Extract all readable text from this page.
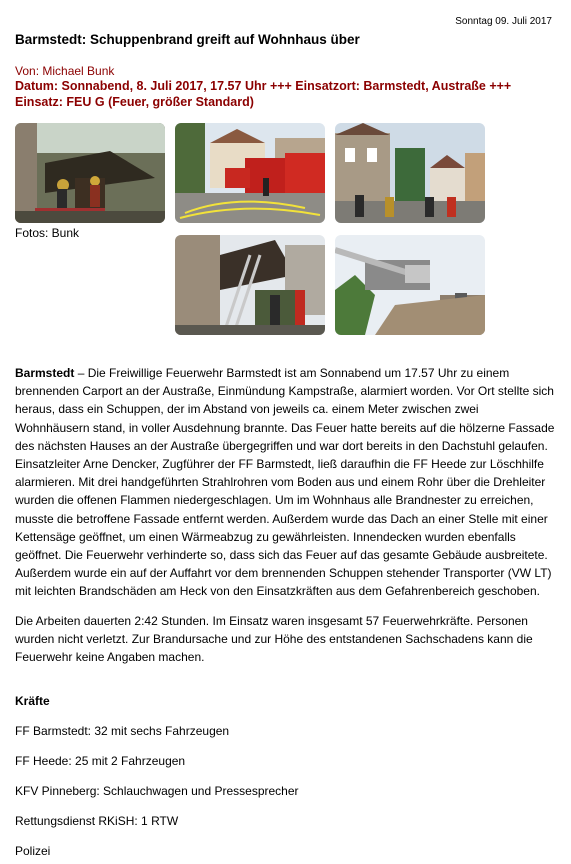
Sonntag 09. Juli 2017
Barmstedt: Schuppenbrand greift auf Wohnhaus über
Von: Michael Bunk
Datum: Sonnabend, 8. Juli 2017, 17.57 Uhr +++ Einsatzort: Barmstedt, Austraße +++
Einsatz: FEU G (Feuer, größer Standard)
Fotos: Bunk

Barmstedt – Die Freiwillige Feuerwehr Barmstedt ist am Sonnabend um 17.57 Uhr zu einem brennenden Carport an der Austraße, Einmündung Kampstraße, alarmiert worden. Vor Ort stellte sich heraus, dass ein Schuppen, der im Abstand von jeweils ca. einem Meter zwischen zwei Wohnhäusern stand, in voller Ausdehnung brannte. Das Feuer hatte bereits auf die hölzerne Fassade des nächsten Hauses an der Austraße übergegriffen und war dort bereits in den Dachstuhl gelaufen. Einsatzleiter Arne Dencker, Zugführer der FF Barmstedt, ließ daraufhin die FF Heede zur Löschhilfe alarmieren. Mit drei handgeführten Strahlrohren vom Boden aus und einem Rohr über die Drehleiter wurden die offenen Flammen niedergeschlagen. Um im Wohnhaus alle Brandnester zu erreichen, musste die betroffene Fassade entfernt werden. Außerdem wurde das Dach an einer Stelle mit einer Kettensäge geöffnet, um einen Wärmeabzug zu gewährleisten. Innendecken wurden ebenfalls geöffnet. Die Feuerwehr verhinderte so, dass sich das Feuer auf das gesamte Gebäude ausbreitete. Außerdem wurde ein auf der Auffahrt vor dem brennenden Schuppen stehender Transporter (VW LT) mit leichten Brandschäden am Heck von den Einsatzkräften aus dem Gefahrenbereich geschoben.

Die Arbeiten dauerten 2:42 Stunden. Im Einsatz waren insgesamt 57 Feuerwehrkräfte. Personen wurden nicht verletzt. Zur Brandursache und zur Höhe des entstandenen Sachschadens kann die Feuerwehr keine Angaben machen.

Kräfte
FF Barmstedt: 32 mit sechs Fahrzeugen
FF Heede: 25 mit 2 Fahrzeugen
KFV Pinneberg: Schlauchwagen und Pressesprecher
Rettungsdienst RKiSH: 1 RTW
Polizei
